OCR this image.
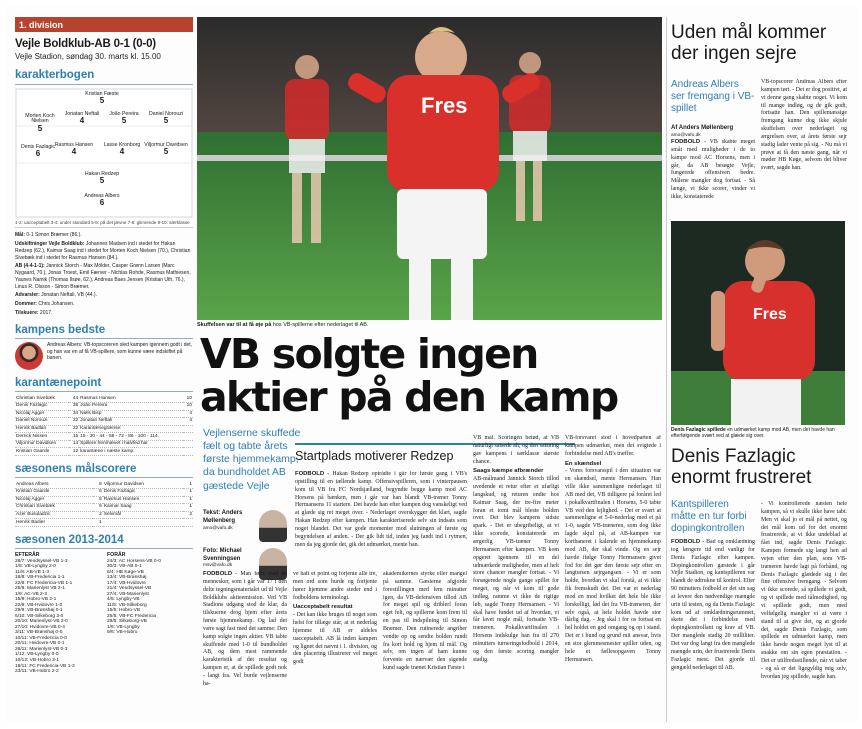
1. division
Vejle Boldklub-AB 0-1 (0-0)
Vejle Stadion, søndag 30. marts kl. 15.00
karakterbogen
Kristian Fæste
5
Morten Koch Nielsen
5
Jonatan Neftali
4
João Pereira
5
Daniel Norouzi
5
Denis Fazlagic
6
Rasmus Hansen
4
Lasse Kronborg
4
Viljormur Davidsen
5
Hakan Redzep
5
Andreas Albers
6
1-2: uacceptabelt 3-4: under standard 5-6: på det jævne 7-8: glimrende 9-10: særklasse

Mål: 0-1 Simon Bræmer (86.).

Udskiftninger Vejle Boldklub: Johannes Madsen ind i stedet for Hakan Redzep (62.), Kaimar Saag ind i stedet for Morten Koch Nielsen (70.), Christian Sivebæk ind i stedet for Rasmus Hansen (84.).

AB (4-4-1-1): Jannick Storch - Max Mölder, Casper Grønn Larsen (Marc Nygaard, 70.), Jonas Troest, Emil Færver - Nichlas Rohde, Rasmus Mathiesen, Yaunes Namik (Thomas Ilsøe, 62.), Andreas Baes Jensen (Kristian Uth, 76.), Linus R. Olsson - Simon Bræmer.

Advarsler: Jonatan Neftali, VB (44.).

Dommer: Chris Johansen.

Tilskuere: 2017.

kampens bedste
Andreas Albers: VB-topscoreren sled kampen igennem godt i det, og han var en af få VB-spillere, som kunne være indskiftet på banen.
karantænepoint
Christian Sivebæk	44	Rasmus Hansen	10
Denis Fazlagic	38	João Pereira	10
Nicolaj Agger	34	Niels Bisp	4
Daniel Norouzi	22	Jonatan Neftali	4
Henrik Badlan	22	Karantænegrænse:	
Derrick Nissen	15	15 - 30 - 44 - 58 - 72 - 86 - 100 - 114.	
Viljormur Davidsen	14	Spillere fremhævet i halvfed har	
Kristian Gaarde	12	karantæne i næste kamp.	
sæsonens målscorere
Andreas Albers	8	Viljormur Davidsen	1
Kristian Gaarde	6	Denis Fazlagic	1
Nicolaj Agger	5	Rasmus Hansen	1
Christian Sivebæk	5	Kaimar Saag	1
Azer Busuladzic	2	Selvmål	2
Henrik Badier	1		
sæsonen 2013-2014
EFTERÅR
28/7: Vendsyssel-VB 1-3
1/8: VB-Lyngby 2-0
11/8: AB-VB 1-3
18/8: VB-Fredericia 1-1
22/8: FC Fredericia-VB 1-1
25/8: Marienlyst VB 2-1
1/9: AC-VB 2-3
15/9: Hobro-VB 2-1
22/9: VB-Hvidovre 1-0
29/9: VB-Brønshøj 0-1
6/10: VB-Silkeborg 3-0
20/10: Marienlyst-VB 2-0
27/10: Hvidovre-VB 0-4
3/11: VB-Brønshøj 0-0
10/11: VB-Fredericia 0-0
20/11: Hvidovre-VB 0-1
26/11: Marienlyst-VB 0-3
1/12: VB-Lyngby 0-0
10/12: VB-Hobro 3-1
18/11: FC Fredericia-VB 1-3
23/11: VB-Hobro 2-2
FORÅR
24/3: AC Horsens-VB 0-0
30/3: VB-AB 0-1
6/4: HB Køge-VB
13/4: VB-Brønshøj
17/4: VB-Hvidovre
21/4: Vendsyssel-VB
27/4: VB-Marienlyst
4/5: Lyngby-VB
11/5: VB-Silkeborg
15/5: Hobro-VB
25/5: VB-FC Fredericia
29/5: Silkeborg-VB
1/6: VB-Lyngby
9/6: VB-Hobro
Fres
Skuffelsen var til at få øje på hos VB-spillerne efter nederlaget til AB.
VB solgte ingen aktier på den kamp
Vejlenserne skuffede fælt og tabte årets første hjemmekamp, da bundholdet AB gæstede Vejle
Tekst: Anders Møllenberg
amo@vafo.dk
Foto: Michael Svenningsen
msv@vafo.dk
FODBOLD - Man følte med de mennesker, som i går var 17 i den delte tegningsmaterialet ud til Vejle Boldklubs aktieemission. Ved VB Stadions udgang stod de klar, da tilskuerne drog hjem efter årets første hjemmekamp. Og lad det være sagt fast med det samme: Den kamp solgte ingen aktier. VB tabte skuffende med 1-0 til bundholdet AB, og dem mest rammende karakteristik af det resultat og kampen er, at de spillede godt nok - langt fra. Vel burde vejlenserne ha-
ve haft et point og forjente alle tre, men ord som burde og fortjente hører hjemme andre steder end i fodboldens terminologi.
Uacceptabelt resultat
- Det kan ikke bruges til noget som helst for tillæge står, at et nederlag hjemme til AB er aldeles uacceptabelt. AB lå inden kampen og lignet det nævnt i 1. division, og den placering illustrerer vel meget godt
akademikernes styrke eller mangel på samme. Gæsterne afgjorde forestillingen med fem minutter igen, da VB-defensiven tillod AB for meget spil og driblerl foran eget felt, og spillerne kom frem til en pas til indspilning til Simon Bræmer. Den rutinerede angriber vendte op og sendte bolden rundt fra kort hold og hjem til mål. Og selv, om ingen af ham kunne forvente en nærvær den sigende kund sagde trænet Kristian Fæste i
Startplads motiverer Redzep
FODBOLD - Hakan Redzep optrådte i går for første gang i VB's opstilling til en tællende kamp. Offensivspilleren, som i vinterpausen kom til VB fra FC Nordsjælland, begyndte begge kamp mod AC Horsens på bænken, men i går var han blandt VB-træner Tonny Hermansens 11 startere. Det havde han efter kampen dog vanskeligt ved at glæde sig ret meget over. - Nederlaget overskygger det klart, sagde Hakan Redzep efter kampen. Han karakteriserede selv sin indsats som noget blandet. Det var gode momenter mod slutningen af første og begyndelsen af anden. - Der gik lidt tid, inden jeg fandt ind i rytmen, men da jeg gjorde det, gik det udmærket, mente han.
VB mål. Scoringen betød, at VB naturligt satsede alt, og den satsning gav kampens i særklasse største chance.
Saags kæmpe afbrænder
AB-målmand Jannick Storch tillod uvedende et retur efter et ufarligt langskud, og returen endte hos Kaimar Saag, der tre-fire meter foran et tomt mål bleste bolden over. Det blev kampens sidste spark. - Det er ubegribeligt, at vi ikke scorede, konstaterede en ærgerlig VB-træner Tonny Hermansen efter kampen. VB kom opgeret igennem til en del udmærkede muligheder, men af helt store chancer mangler fortsat. - Vi forsøgerede nogle gange spillet for meget, og når vi kom til gode indløg, ramme vi ikke de rigtige løb, sagde Tonny Hermansen. - Vi skal have fundet ud af hvordan, vi får lavet nogle mål, fortsatte VB-træneren. Pokalkvartfinalen i Horsens indskulge han fra til 270 minutters turneringsfodbold i 2014, og den første scoring mangler stadig.
VB-forsvaret stod i hovedparten af kampen udmærket, men det svigtede i forbindelse med AB's træffer.
En skændsel
- Vores forsvarsspil i den situation var en skændsel, mente Hermansen. Han ville ikke sammenligne nederlaget til AB med det, VB tidligere på foråret led i pokalkvartfinalen i Horsens, 5-0 tabte VB ved den lejlighed. - Det er svært at sammenligne et 5-0-nederlag med et på 1-0, sagde VB-træneren, som dog ikke lagde skjul på, at AB-kampen var kortbaneret i kalende en hjemmekamp mod AB, der skal vinde. Og en sejr havde ifølge Tonny Hermansen givet fod for det gør den første sejr efter en langtursen sejrgangsen. - Vi er som holde, hvordan vi skal forstå, at vi ikke fik fremskudt det. Det var et nederlag mod en mod hvilket det hele ble ikke forskelligt, lød det fra VB-træneren, der selv også, at hele holdet havde stor dårlig dag. - Jeg skal i for os fortsat en hel holdet en god omgang og op i stand. Det er i bund og grund mit ansvar, hvis en stor glemmesmester spiller uden, og hele et fællesopgaven Tonny Hermansen.
Uden mål kommer der ingen sejre
Andreas Albers ser fremgang i VB-spillet
Af Anders Møllenberg
amo@vafo.dk
FODBOLD - VB skabte meget småt med muligheder i de to kampe mod AC Horsens, men i går, da AB besøgte Vejle, fungerede offensiven bedre. Målene mangler dog fortsat. - Så længe, vi ikke scorer, vinder vi ikke, konstaterede
VB-topscorer Andreas Albers efter kampen tørt. - Det er dog positivt, at vi denne gang skabte noget. Vi kom til mange indløg, og de gik godt, fortsatte han. Den spillemæssige fremgang kunne dog ikke skjule skuffelsen over nederlaget og ærgrelsen over, at årets første sejr stadig lader vente på sig. - Nu må vi prøve at få den næste gang, når vi møder HB Køge, selvom det bliver svært, sagde han.
Fres
Denis Fazlagic spillede en udmærket kamp mod AB, men det havde han efterfølgende svært ved at glæde sig over.
Denis Fazlagic enormt frustreret
Kantspilleren måtte en tur forbi dopingkontrollen
FODBOLD - Bad og omklædning tog længere tid end vanligt for Denis Fazlagic efter kampen. Dopingkontrollen gæstede i går Vejle Stadion, og kantspilleren var blandt de udtrukne til kontrol. Efter 90 minutters fodbold er det sin sag at levere den nødvendige mængde urin til testen, og da Denis Fazlagic kom ud af omklædningsrummet, skete det i forbindelse med dopingkontrollant og krav af VB. Der manglede stadig 20 milliliter. Det var dog langt fra den manglede mængde urin, der frustrerede Denis Fazlagic mest. Det gjorde til gengæld nederlaget til AB.
- Vi kontrollerede næsten hele kampen, så vi skulle ikke have tabt. Men vi skal jo et mål på nettet, og det mål kom ud for det enormt frustrerede, at vi ikke undeblad at fået ind, sagde Denis Fazlagic. Kampen formede sig langt hen ad vejen efter den plan, som VB-træneren havde lagt på forhånd, og Denis Fazlagic glædede sig i det fine offensive fremgang. - Selvom vi ikke scorede, så spillede vi godt, og vi spillede med tålmodighed, og vi spillede godt, men med velfølgelig mangler vi at være i stand til at give det, og at gjorde det, sagde Denis Fazlagic, som spillede en udmærket kamp, men ikke havde nogen meget lyst til at snakke om sin egen præstation. - Det er utilfredsstillende, når vi taber - og så er det ligegyldig mig selv, hvordan jeg spillede, sagde han.
